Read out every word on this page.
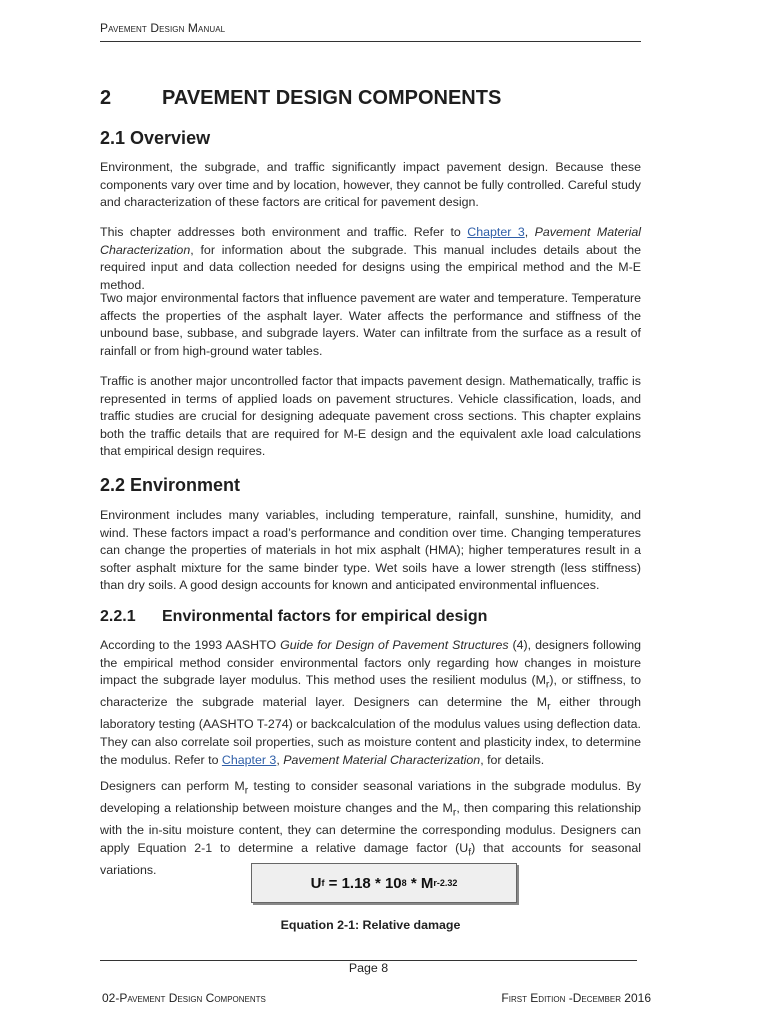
Pavement Design Manual
2	PAVEMENT DESIGN COMPONENTS
2.1 Overview
Environment, the subgrade, and traffic significantly impact pavement design. Because these components vary over time and by location, however, they cannot be fully controlled. Careful study and characterization of these factors are critical for pavement design.
This chapter addresses both environment and traffic. Refer to Chapter 3, Pavement Material Characterization, for information about the subgrade. This manual includes details about the required input and data collection needed for designs using the empirical method and the M-E method.
Two major environmental factors that influence pavement are water and temperature. Temperature affects the properties of the asphalt layer. Water affects the performance and stiffness of the unbound base, subbase, and subgrade layers. Water can infiltrate from the surface as a result of rainfall or from high-ground water tables.
Traffic is another major uncontrolled factor that impacts pavement design. Mathematically, traffic is represented in terms of applied loads on pavement structures. Vehicle classification, loads, and traffic studies are crucial for designing adequate pavement cross sections. This chapter explains both the traffic details that are required for M-E design and the equivalent axle load calculations that empirical design requires.
2.2 Environment
Environment includes many variables, including temperature, rainfall, sunshine, humidity, and wind. These factors impact a road’s performance and condition over time. Changing temperatures can change the properties of materials in hot mix asphalt (HMA); higher temperatures result in a softer asphalt mixture for the same binder type. Wet soils have a lower strength (less stiffness) than dry soils. A good design accounts for known and anticipated environmental influences.
2.2.1 Environmental factors for empirical design
According to the 1993 AASHTO Guide for Design of Pavement Structures (4), designers following the empirical method consider environmental factors only regarding how changes in moisture impact the subgrade layer modulus. This method uses the resilient modulus $(M_r)$, or stiffness, to characterize the subgrade material layer. Designers can determine the $M_r$ either through laboratory testing (AASHTO T-274) or backcalculation of the modulus values using deflection data. They can also correlate soil properties, such as moisture content and plasticity index, to determine the modulus. Refer to Chapter 3, Pavement Material Characterization, for details.
Designers can perform $M_r$ testing to consider seasonal variations in the subgrade modulus. By developing a relationship between moisture changes and the $M_r$, then comparing this relationship with the in-situ moisture content, they can determine the corresponding modulus. Designers can apply Equation 2-1 to determine a relative damage factor $(U_f)$ that accounts for seasonal variations.
U f = 1.18 * 10 8 * M r -2.32
Equation 2-1: Relative damage
Page 8
02-Pavement Design Components	First Edition -December 2016
